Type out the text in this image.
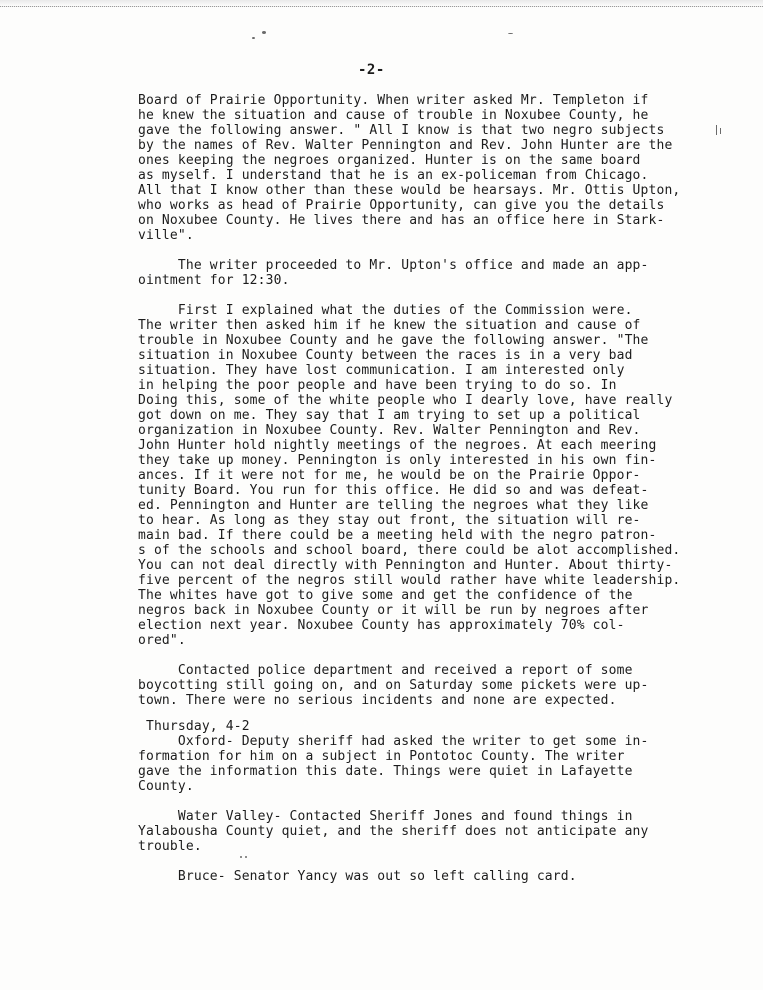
-2-
Board of Prairie Opportunity. When writer asked Mr. Templeton if
he knew the situation and cause of trouble in Noxubee County, he
gave the following answer. " All I know is that two negro subjects
by the names of Rev. Walter Pennington and Rev. John Hunter are the
ones keeping the negroes organized. Hunter is on the same board
as myself. I understand that he is an ex-policeman from Chicago.
All that I know other than these would be hearsays. Mr. Ottis Upton,
who works as head of Prairie Opportunity, can give you the details
on Noxubee County. He lives there and has an office here in Stark-
ville".
The writer proceeded to Mr. Upton's office and made an app-
ointment for 12:30.
First I explained what the duties of the Commission were.
The writer then asked him if he knew the situation and cause of
trouble in Noxubee County and he gave the following answer. "The
situation in Noxubee County between the races is in a very bad
situation. They have lost communication. I am interested only
in helping the poor people and have been trying to do so. In
Doing this, some of the white people who I dearly love, have really
got down on me. They say that I am trying to set up a political
organization in Noxubee County. Rev. Walter Pennington and Rev.
John Hunter hold nightly meetings of the negroes. At each meering
they take up money. Pennington is only interested in his own fin-
ances. If it were not for me, he would be on the Prairie Oppor-
tunity Board. You run for this office. He did so and was defeat-
ed. Pennington and Hunter are telling the negroes what they like
to hear. As long as they stay out front, the situation will re-
main bad. If there could be a meeting held with the negro patron-
s of the schools and school board, there could be alot accomplished.
You can not deal directly with Pennington and Hunter. About thirty-
five percent of the negros still would rather have white leadership.
The whites have got to give some and get the confidence of the
negros back in Noxubee County or it will be run by negroes after
election next year. Noxubee County has approximately 70% col-
ored".
Contacted police department and received a report of some
boycotting still going on, and on Saturday some pickets were up-
town. There were no serious incidents and none are expected.
Thursday, 4-2
Oxford- Deputy sheriff had asked the writer to get some in-
formation for him on a subject in Pontotoc County. The writer
gave the information this date. Things were quiet in Lafayette
County.
Water Valley- Contacted Sheriff Jones and found things in
Yalabousha County quiet, and the sheriff does not anticipate any
trouble.
Bruce- Senator Yancy was out so left calling card.
